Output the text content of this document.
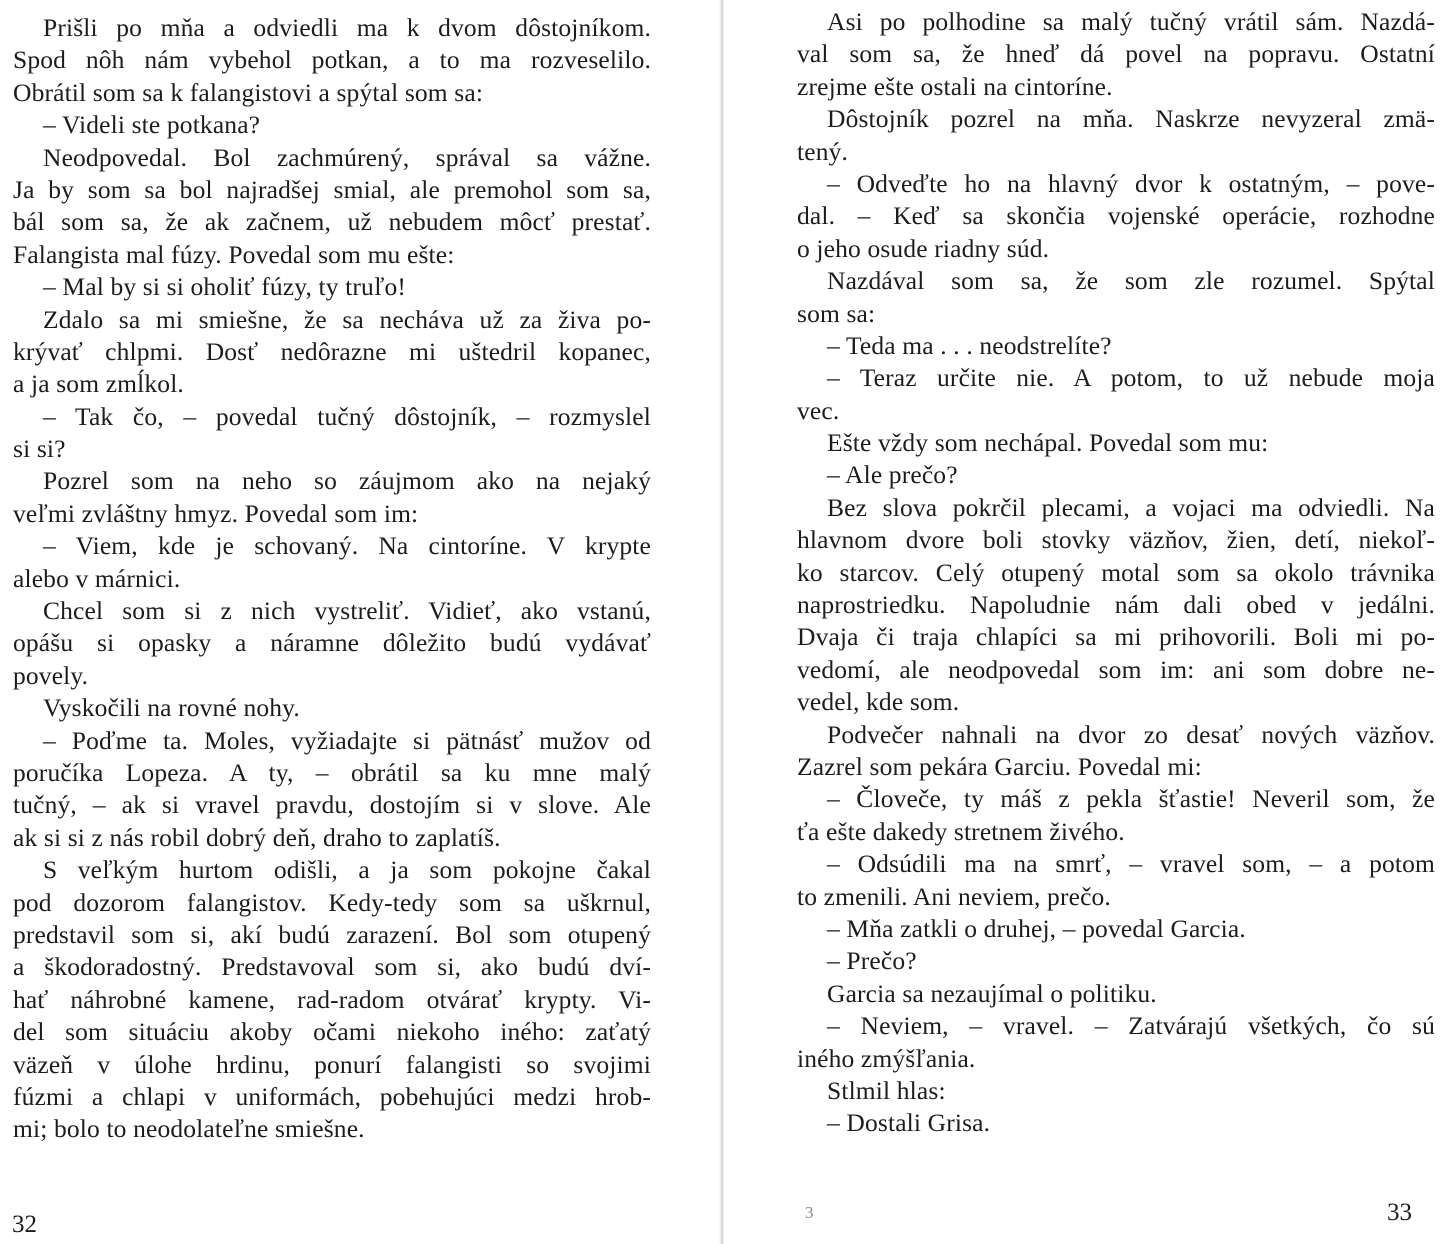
Prišli po mňa a odviedli ma k dvom dôstojníkom.
Spod nôh nám vybehol potkan, a to ma rozveselilo.
Obrátil som sa k falangistovi a spýtal som sa:
– Videli ste potkana?
Neodpovedal. Bol zachmúrený, správal sa vážne.
Ja by som sa bol najradšej smial, ale premohol som sa,
bál som sa, že ak začnem, už nebudem môcť prestať.
Falangista mal fúzy. Povedal som mu ešte:
– Mal by si si oholiť fúzy, ty truľo!
Zdalo sa mi smiešne, že sa necháva už za živa po-
krývať chlpmi. Dosť nedôrazne mi uštedril kopanec,
a ja som zmĺkol.
– Tak čo, – povedal tučný dôstojník, – rozmyslel
si si?
Pozrel som na neho so záujmom ako na nejaký
veľmi zvláštny hmyz. Povedal som im:
– Viem, kde je schovaný. Na cintoríne. V krypte
alebo v márnici.
Chcel som si z nich vystreliť. Vidieť, ako vstanú,
opášu si opasky a náramne dôležito budú vydávať
povely.
Vyskočili na rovné nohy.
– Poďme ta. Moles, vyžiadajte si pätnásť mužov od
poručíka Lopeza. A ty, – obrátil sa ku mne malý
tučný, – ak si vravel pravdu, dostojím si v slove. Ale
ak si si z nás robil dobrý deň, draho to zaplatíš.
S veľkým hurtom odišli, a ja som pokojne čakal
pod dozorom falangistov. Kedy-tedy som sa uškrnul,
predstavil som si, akí budú zarazení. Bol som otupený
a škodoradostný. Predstavoval som si, ako budú dví-
hať náhrobné kamene, rad-radom otvárať krypty. Vi-
del som situáciu akoby očami niekoho iného: zaťatý
väzeň v úlohe hrdinu, ponurí falangisti so svojimi
fúzmi a chlapi v uniformách, pobehujúci medzi hrob-
mi; bolo to neodolateľne smiešne.
32
Asi po polhodine sa malý tučný vrátil sám. Nazdá-
val som sa, že hneď dá povel na popravu. Ostatní
zrejme ešte ostali na cintoríne.
Dôstojník pozrel na mňa. Naskrze nevyzeral zmä-
tený.
– Odveďte ho na hlavný dvor k ostatným, – pove-
dal. – Keď sa skončia vojenské operácie, rozhodne
o jeho osude riadny súd.
Nazdával som sa, že som zle rozumel. Spýtal
som sa:
– Teda ma . . . neodstrelíte?
– Teraz určite nie. A potom, to už nebude moja
vec.
Ešte vždy som nechápal. Povedal som mu:
– Ale prečo?
Bez slova pokrčil plecami, a vojaci ma odviedli. Na
hlavnom dvore boli stovky väzňov, žien, detí, niekoľ-
ko starcov. Celý otupený motal som sa okolo trávnika
naprostriedku. Napoludnie nám dali obed v jedálni.
Dvaja či traja chlapíci sa mi prihovorili. Boli mi po-
vedomí, ale neodpovedal som im: ani som dobre ne-
vedel, kde som.
Podvečer nahnali na dvor zo desať nových väzňov.
Zazrel som pekára Garciu. Povedal mi:
– Človeče, ty máš z pekla šťastie! Neveril som, že
ťa ešte dakedy stretnem živého.
– Odsúdili ma na smrť, – vravel som, – a potom
to zmenili. Ani neviem, prečo.
– Mňa zatkli o druhej, – povedal Garcia.
– Prečo?
Garcia sa nezaujímal o politiku.
– Neviem, – vravel. – Zatvárajú všetkých, čo sú
iného zmýšľania.
Stlmil hlas:
– Dostali Grisa.
3	33
